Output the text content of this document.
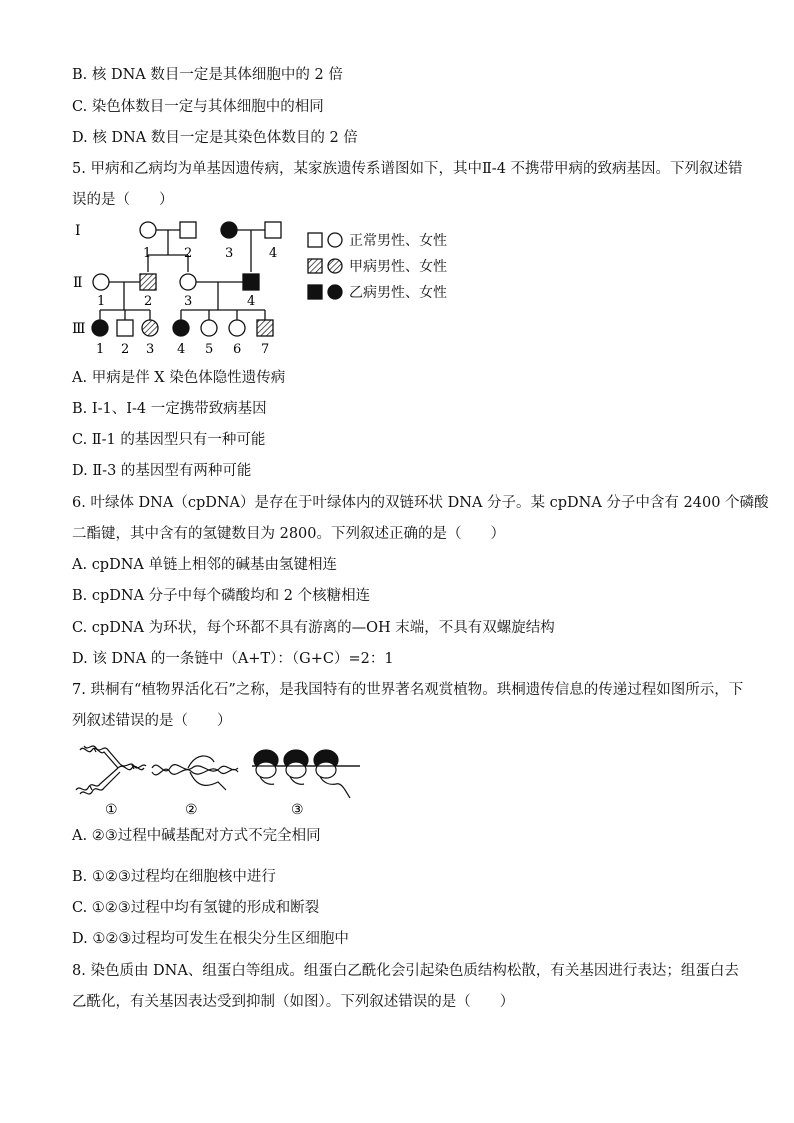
B. 核 DNA 数目一定是其体细胞中的 2 倍
C. 染色体数目一定与其体细胞中的相同
D. 核 DNA 数目一定是其染色体数目的 2 倍
5. 甲病和乙病均为单基因遗传病，某家族遗传系谱图如下，其中Ⅱ-4 不携带甲病的致病基因。下列叙述错
误的是（　　）
Ⅰ
Ⅱ
Ⅲ
1	2	3	4
1	2 3	4
1 2 3 4 5 6 7
正常男性、女性
甲病男性、女性
乙病男性、女性
A. 甲病是伴 X 染色体隐性遗传病
B. Ⅰ-1、Ⅰ-4 一定携带致病基因
C. Ⅱ-1 的基因型只有一种可能
D. Ⅱ-3 的基因型有两种可能
6. 叶绿体 DNA（cpDNA）是存在于叶绿体内的双链环状 DNA 分子。某 cpDNA 分子中含有 2400 个磷酸
二酯键，其中含有的氢键数目为 2800。下列叙述正确的是（　　）
A. cpDNA 单链上相邻的碱基由氢键相连
B. cpDNA 分子中每个磷酸均和 2 个核糖相连
C. cpDNA 为环状，每个环都不具有游离的—OH 末端，不具有双螺旋结构
D. 该 DNA 的一条链中（A+T）：（G+C）=2：1
7. 珙桐有“植物界活化石”之称，是我国特有的世界著名观赏植物。珙桐遗传信息的传递过程如图所示，下
列叙述错误的是（　　）
①	②	③
A. ②③过程中碱基配对方式不完全相同
B. ①②③过程均在细胞核中进行
C. ①②③过程中均有氢键的形成和断裂
D. ①②③过程均可发生在根尖分生区细胞中
8. 染色质由 DNA、组蛋白等组成。组蛋白乙酰化会引起染色质结构松散，有关基因进行表达；组蛋白去
乙酰化，有关基因表达受到抑制（如图）。下列叙述错误的是（　　）
